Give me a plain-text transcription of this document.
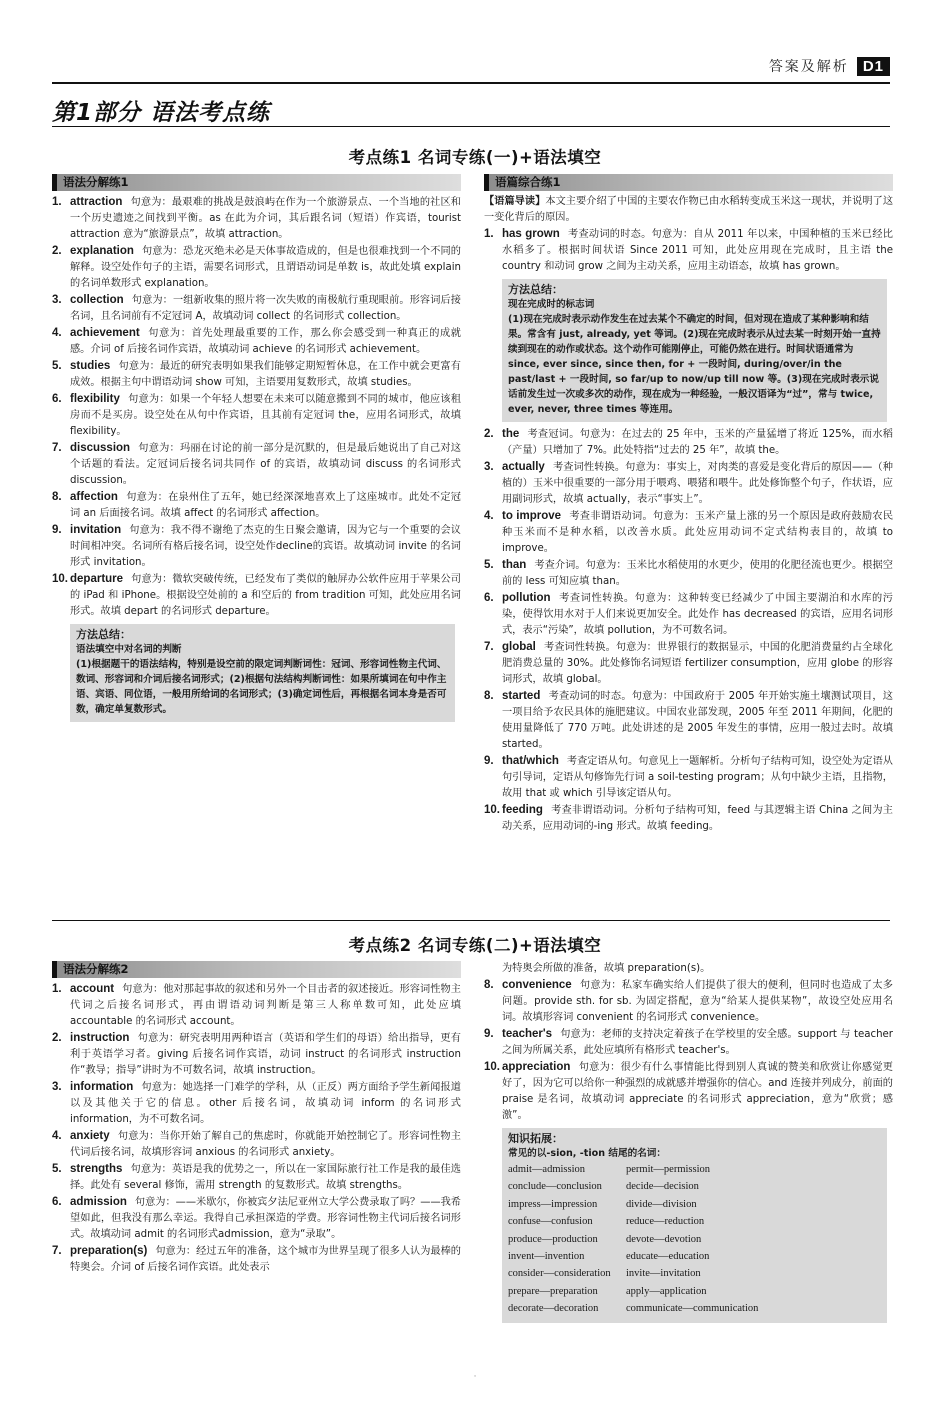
答案及解析 D1
第1部分 语法考点练
考点练1 名词专练(一)+语法填空
语法分解练1
1. attraction 句意为：最艰难的挑战是鼓浪屿在作为一个旅游景点、一个当地的社区和一个历史遗迹之间找到平衡。as 在此为介词，其后跟名词（短语）作宾语，tourist attraction 意为“旅游景点”，故填 attraction。
2. explanation 句意为：恐龙灭绝未必是天体事故造成的，但是也很难找到一个不同的解释。设空处作句子的主语，需要名词形式，且谓语动词是单数 is，故此处填 explain 的名词单数形式 explanation。
3. collection 句意为：一组新收集的照片将一次失败的南极航行重现眼前。形容词后接名词，且名词前有不定冠词 A，故填动词 collect 的名词形式 collection。
4. achievement 句意为：首先处理最重要的工作，那么你会感受到一种真正的成就感。介词 of 后接名词作宾语，故填动词 achieve 的名词形式 achievement。
5. studies 句意为：最近的研究表明如果我们能够定期短暂休息，在工作中就会更富有成效。根据主句中谓语动词 show 可知，主语要用复数形式，故填 studies。
6. flexibility 句意为：如果一个年轻人想要在未来可以随意搬到不同的城市，他应该租房而不是买房。设空处在从句中作宾语，且其前有定冠词 the，应用名词形式，故填 flexibility。
7. discussion 句意为：玛丽在讨论的前一部分是沉默的，但是最后她说出了自己对这个话题的看法。定冠词后接名词共同作 of 的宾语，故填动词 discuss 的名词形式 discussion。
8. affection 句意为：在泉州住了五年，她已经深深地喜欢上了这座城市。此处不定冠词 an 后面接名词。故填 affect 的名词形式 affection。
9. invitation 句意为：我不得不谢绝了杰克的生日聚会邀请，因为它与一个重要的会议时间相冲突。名词所有格后接名词，设空处作decline的宾语。故填动词 invite 的名词形式 invitation。
10. departure 句意为：微软突破传统，已经发布了类似的触屏办公软件应用于苹果公司的 iPad 和 iPhone。根据设空处前的 a 和空后的 from tradition 可知，此处应用名词形式。故填 depart 的名词形式 departure。
方法总结：
语法填空中对名词的判断

(1)根据题干的语法结构，特别是设空前的限定词判断词性：冠词、形容词性物主代词、数词、形容词和介词后接名词形式；(2)根据句法结构判断词性：如果所填词在句中作主语、宾语、同位语，一般用所给词的名词形式；(3)确定词性后，再根据名词本身是否可数，确定单复数形式。

语篇综合练1
【语篇导读】本文主要介绍了中国的主要农作物已由水稻转变成玉米这一现状，并说明了这一变化背后的原因。
1. has grown 考查动词的时态。句意为：自从 2011 年以来，中国种植的玉米已经比水稻多了。根据时间状语 Since 2011 可知，此处应用现在完成时，且主语 the country 和动词 grow 之间为主动关系，应用主动语态，故填 has grown。
方法总结：
现在完成时的标志词

(1)现在完成时表示动作发生在过去某个不确定的时间，但对现在造成了某种影响和结果。常含有 just, already, yet 等词。(2)现在完成时表示从过去某一时刻开始一直持续到现在的动作或状态。这个动作可能刚停止，可能仍然在进行。时间状语通常为 since, ever since, since then, for + 一段时间, during/over/in the past/last + 一段时间, so far/up to now/up till now 等。(3)现在完成时表示说话前发生过一次或多次的动作，现在成为一种经验，一般汉语译为“过”，常与 twice, ever, never, three times 等连用。

2. the 考查冠词。句意为：在过去的 25 年中，玉米的产量猛增了将近 125%，而水稻（产量）只增加了 7%。此处特指“过去的 25 年”，故填 the。
3. actually 考查词性转换。句意为：事实上，对肉类的喜爱是变化背后的原因——（种植的）玉米中很重要的一部分用于喂鸡、喂猪和喂牛。此处修饰整个句子，作状语，应用副词形式，故填 actually，表示“事实上”。
4. to improve 考查非谓语动词。句意为：玉米产量上涨的另一个原因是政府鼓励农民种玉米而不是种水稻，以改善水质。此处应用动词不定式结构表目的，故填 to improve。
5. than 考查介词。句意为：玉米比水稻使用的水更少，使用的化肥径流也更少。根据空前的 less 可知应填 than。
6. pollution 考查词性转换。句意为：这种转变已经减少了中国主要湖泊和水库的污染，使得饮用水对于人们来说更加安全。此处作 has decreased 的宾语，应用名词形式，表示“污染”，故填 pollution，为不可数名词。
7. global 考查词性转换。句意为：世界银行的数据显示，中国的化肥消费量约占全球化肥消费总量的 30%。此处修饰名词短语 fertilizer consumption，应用 globe 的形容词形式，故填 global。
8. started 考查动词的时态。句意为：中国政府于 2005 年开始实施土壤测试项目，这一项目给予农民具体的施肥建议。中国农业部发现，2005 年至 2011 年期间，化肥的使用量降低了 770 万吨。此处讲述的是 2005 年发生的事情，应用一般过去时。故填 started。
9. that/which 考查定语从句。句意见上一题解析。分析句子结构可知，设空处为定语从句引导词，定语从句修饰先行词 a soil-testing program；从句中缺少主语，且指物，故用 that 或 which 引导该定语从句。
10. feeding 考查非谓语动词。分析句子结构可知，feed 与其逻辑主语 China 之间为主动关系，应用动词的-ing 形式。故填 feeding。
考点练2 名词专练(二)+语法填空
语法分解练2
1. account 句意为：他对那起事故的叙述和另外一个目击者的叙述接近。形容词性物主代词之后接名词形式，再由谓语动词判断是第三人称单数可知，此处应填 accountable 的名词形式 account。
2. instruction 句意为：研究表明用两种语言（英语和学生们的母语）给出指导，更有利于英语学习者。giving 后接名词作宾语，动词 instruct 的名词形式 instruction 作“教导；指导”讲时为不可数名词，故填 instruction。
3. information 句意为：她选择一门难学的学科，从（正反）两方面给予学生新闻报道以及其他关于它的信息。other 后接名词，故填动词 inform 的名词形式 information，为不可数名词。
4. anxiety 句意为：当你开始了解自己的焦虑时，你就能开始控制它了。形容词性物主代词后接名词，故填形容词 anxious 的名词形式 anxiety。
5. strengths 句意为：英语是我的优势之一，所以在一家国际旅行社工作是我的最佳选择。此处有 several 修饰，需用 strength 的复数形式。故填 strengths。
6. admission 句意为：——米歇尔，你被宾夕法尼亚州立大学公费录取了吗？——我希望如此，但我没有那么幸运。我得自己承担深造的学费。形容词性物主代词后接名词形式。故填动词 admit 的名词形式admission，意为“录取”。
7. preparation(s) 句意为：经过五年的准备，这个城市为世界呈现了很多人认为最棒的特奥会。介词 of 后接名词作宾语。此处表示
为特奥会所做的准备，故填 preparation(s)。
8. convenience 句意为：私家车确实给人们提供了很大的便利，但同时也造成了太多问题。provide sth. for sb. 为固定搭配，意为“给某人提供某物”，故设空处应用名词。故填形容词 convenient 的名词形式 convenience。
9. teacher's 句意为：老师的支持决定着孩子在学校里的安全感。support 与 teacher 之间为所属关系，此处应填所有格形式 teacher's。
10. appreciation 句意为：很少有什么事情能比得到别人真诚的赞美和欣赏让你感觉更好了，因为它可以给你一种强烈的成就感并增强你的信心。and 连接并列成分，前面的 praise 是名词，故填动词 appreciate 的名词形式 appreciation，意为“欣赏；感激”。
知识拓展：
常见的以-sion, -tion 结尾的名词：
admit—admission	permit—permission
conclude—conclusion	decide—decision
impress—impression	divide—division
confuse—confusion	reduce—reduction
produce—production	devote—devotion
invent—invention	educate—education
consider—consideration	invite—invitation
prepare—preparation	apply—application
decorate—decoration	communicate—communication
·
